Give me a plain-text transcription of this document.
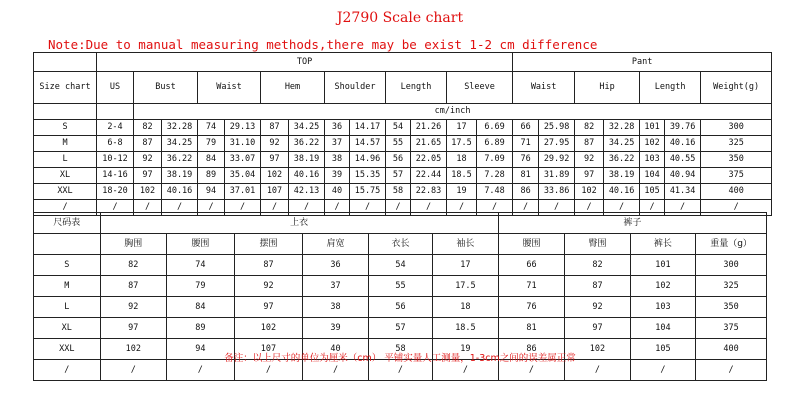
J2790 Scale chart
Note:Due to manual measuring methods,there may be exist 1-2 cm difference
	TOP													Pant						
Size chart	US	Bust		Waist		Hem		Shoulder		Length		Sleeve		Waist		Hip		Length		Weight(g)
		cm/inch																		
S	2-4	82	32.28	74	29.13	87	34.25	36	14.17	54	21.26	17	6.69	66	25.98	82	32.28	101	39.76	300
M	6-8	87	34.25	79	31.10	92	36.22	37	14.57	55	21.65	17.5	6.89	71	27.95	87	34.25	102	40.16	325
L	10-12	92	36.22	84	33.07	97	38.19	38	14.96	56	22.05	18	7.09	76	29.92	92	36.22	103	40.55	350
XL	14-16	97	38.19	89	35.04	102	40.16	39	15.35	57	22.44	18.5	7.28	81	31.89	97	38.19	104	40.94	375
XXL	18-20	102	40.16	94	37.01	107	42.13	40	15.75	58	22.83	19	7.48	86	33.86	102	40.16	105	41.34	400
/	/	/	/	/	/	/	/	/	/	/	/	/	/	/	/	/	/	/	/	/
尺码表	上衣						裤子			
	胸围	腰围	摆围	肩宽	衣长	袖长	腰围	臀围	裤长	重量（g）
S	82	74	87	36	54	17	66	82	101	300
M	87	79	92	37	55	17.5	71	87	102	325
L	92	84	97	38	56	18	76	92	103	350
XL	97	89	102	39	57	18.5	81	97	104	375
XXL	102	94	107	40	58	19	86	102	105	400
/	/	/	/	/	/	/	/	/	/	/
备注：以上尺寸的单位为厘米（cm） 平铺实量人工测量，1-3cm之间的误差属正常
